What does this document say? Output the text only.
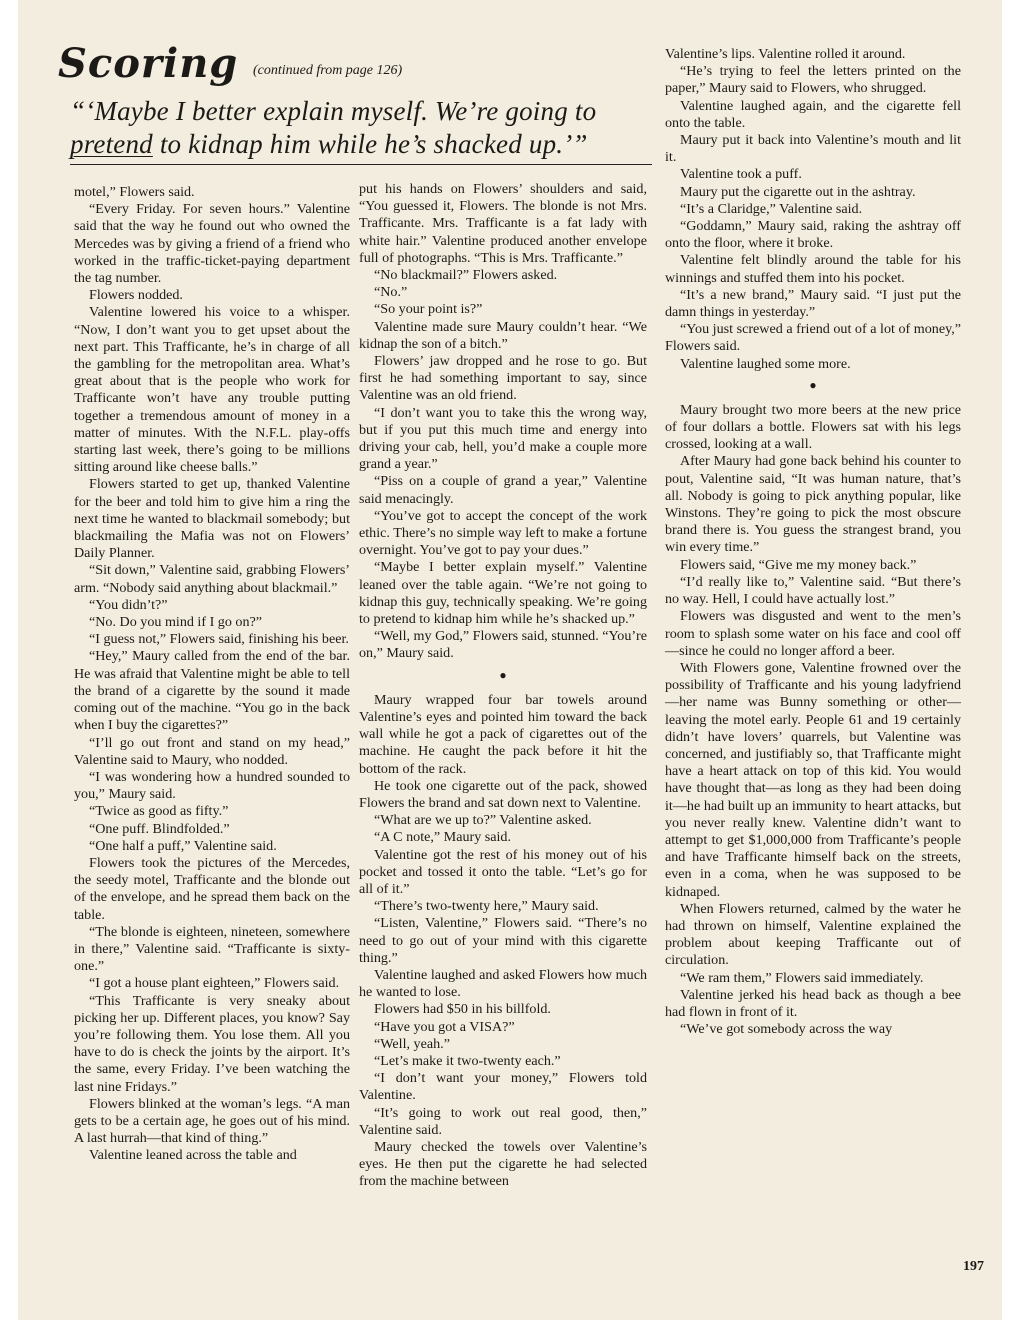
Scoring (continued from page 126)
“‘Maybe I better explain myself. We’re going to pretend to kidnap him while he’s shacked up.’”

motel,” Flowers said.

“Every Friday. For seven hours.” Valentine said that the way he found out who owned the Mercedes was by giving a friend of a friend who worked in the traffic-ticket-paying department the tag number.

Flowers nodded.

Valentine lowered his voice to a whisper. “Now, I don’t want you to get upset about the next part. This Trafficante, he’s in charge of all the gambling for the metropolitan area. What’s great about that is the people who work for Trafficante won’t have any trouble putting together a tremendous amount of money in a matter of minutes. With the N.F.L. play-offs starting last week, there’s going to be millions sitting around like cheese balls.”

Flowers started to get up, thanked Valentine for the beer and told him to give him a ring the next time he wanted to blackmail somebody; but blackmailing the Mafia was not on Flowers’ Daily Planner.

“Sit down,” Valentine said, grabbing Flowers’ arm. “Nobody said anything about blackmail.”

“You didn’t?”

“No. Do you mind if I go on?”

“I guess not,” Flowers said, finishing his beer.

“Hey,” Maury called from the end of the bar. He was afraid that Valentine might be able to tell the brand of a cigarette by the sound it made coming out of the machine. “You go in the back when I buy the cigarettes?”

“I’ll go out front and stand on my head,” Valentine said to Maury, who nodded.

“I was wondering how a hundred sounded to you,” Maury said.

“Twice as good as fifty.”

“One puff. Blindfolded.”

“One half a puff,” Valentine said.

Flowers took the pictures of the Mercedes, the seedy motel, Trafficante and the blonde out of the envelope, and he spread them back on the table.

“The blonde is eighteen, nineteen, somewhere in there,” Valentine said. “Trafficante is sixty-one.”

“I got a house plant eighteen,” Flowers said.

“This Trafficante is very sneaky about picking her up. Different places, you know? Say you’re following them. You lose them. All you have to do is check the joints by the airport. It’s the same, every Friday. I’ve been watching the last nine Fridays.”

Flowers blinked at the woman’s legs. “A man gets to be a certain age, he goes out of his mind. A last hurrah—that kind of thing.”

Valentine leaned across the table and

put his hands on Flowers’ shoulders and said, “You guessed it, Flowers. The blonde is not Mrs. Trafficante. Mrs. Trafficante is a fat lady with white hair.” Valentine produced another envelope full of photographs. “This is Mrs. Trafficante.”

“No blackmail?” Flowers asked.

“No.”

“So your point is?”

Valentine made sure Maury couldn’t hear. “We kidnap the son of a bitch.”

Flowers’ jaw dropped and he rose to go. But first he had something important to say, since Valentine was an old friend.

“I don’t want you to take this the wrong way, but if you put this much time and energy into driving your cab, hell, you’d make a couple more grand a year.”

“Piss on a couple of grand a year,” Valentine said menacingly.

“You’ve got to accept the concept of the work ethic. There’s no simple way left to make a fortune overnight. You’ve got to pay your dues.”

“Maybe I better explain myself.” Valentine leaned over the table again. “We’re not going to kidnap this guy, technically speaking. We’re going to pretend to kidnap him while he’s shacked up.”

“Well, my God,” Flowers said, stunned. “You’re on,” Maury said.

●

Maury wrapped four bar towels around Valentine’s eyes and pointed him toward the back wall while he got a pack of cigarettes out of the machine. He caught the pack before it hit the bottom of the rack.

He took one cigarette out of the pack, showed Flowers the brand and sat down next to Valentine.

“What are we up to?” Valentine asked.

“A C note,” Maury said.

Valentine got the rest of his money out of his pocket and tossed it onto the table. “Let’s go for all of it.”

“There’s two-twenty here,” Maury said.

“Listen, Valentine,” Flowers said. “There’s no need to go out of your mind with this cigarette thing.”

Valentine laughed and asked Flowers how much he wanted to lose.

Flowers had $50 in his billfold.

“Have you got a VISA?”

“Well, yeah.”

“Let’s make it two-twenty each.”

“I don’t want your money,” Flowers told Valentine.

“It’s going to work out real good, then,” Valentine said.

Maury checked the towels over Valentine’s eyes. He then put the cigarette he had selected from the machine between

Valentine’s lips. Valentine rolled it around.

“He’s trying to feel the letters printed on the paper,” Maury said to Flowers, who shrugged.

Valentine laughed again, and the cigarette fell onto the table.

Maury put it back into Valentine’s mouth and lit it.

Valentine took a puff.

Maury put the cigarette out in the ashtray.

“It’s a Claridge,” Valentine said.

“Goddamn,” Maury said, raking the ashtray off onto the floor, where it broke.

Valentine felt blindly around the table for his winnings and stuffed them into his pocket.

“It’s a new brand,” Maury said. “I just put the damn things in yesterday.”

“You just screwed a friend out of a lot of money,” Flowers said.

Valentine laughed some more.

●

Maury brought two more beers at the new price of four dollars a bottle. Flowers sat with his legs crossed, looking at a wall.

After Maury had gone back behind his counter to pout, Valentine said, “It was human nature, that’s all. Nobody is going to pick anything popular, like Winstons. They’re going to pick the most obscure brand there is. You guess the strangest brand, you win every time.”

Flowers said, “Give me my money back.”

“I’d really like to,” Valentine said. “But there’s no way. Hell, I could have actually lost.”

Flowers was disgusted and went to the men’s room to splash some water on his face and cool off—since he could no longer afford a beer.

With Flowers gone, Valentine frowned over the possibility of Trafficante and his young ladyfriend—her name was Bunny something or other—leaving the motel early. People 61 and 19 certainly didn’t have lovers’ quarrels, but Valentine was concerned, and justifiably so, that Trafficante might have a heart attack on top of this kid. You would have thought that—as long as they had been doing it—he had built up an immunity to heart attacks, but you never really knew. Valentine didn’t want to attempt to get $1,000,000 from Trafficante’s people and have Trafficante himself back on the streets, even in a coma, when he was supposed to be kidnaped.

When Flowers returned, calmed by the water he had thrown on himself, Valentine explained the problem about keeping Trafficante out of circulation.

“We ram them,” Flowers said immediately.

Valentine jerked his head back as though a bee had flown in front of it.

“We’ve got somebody across the way

197
